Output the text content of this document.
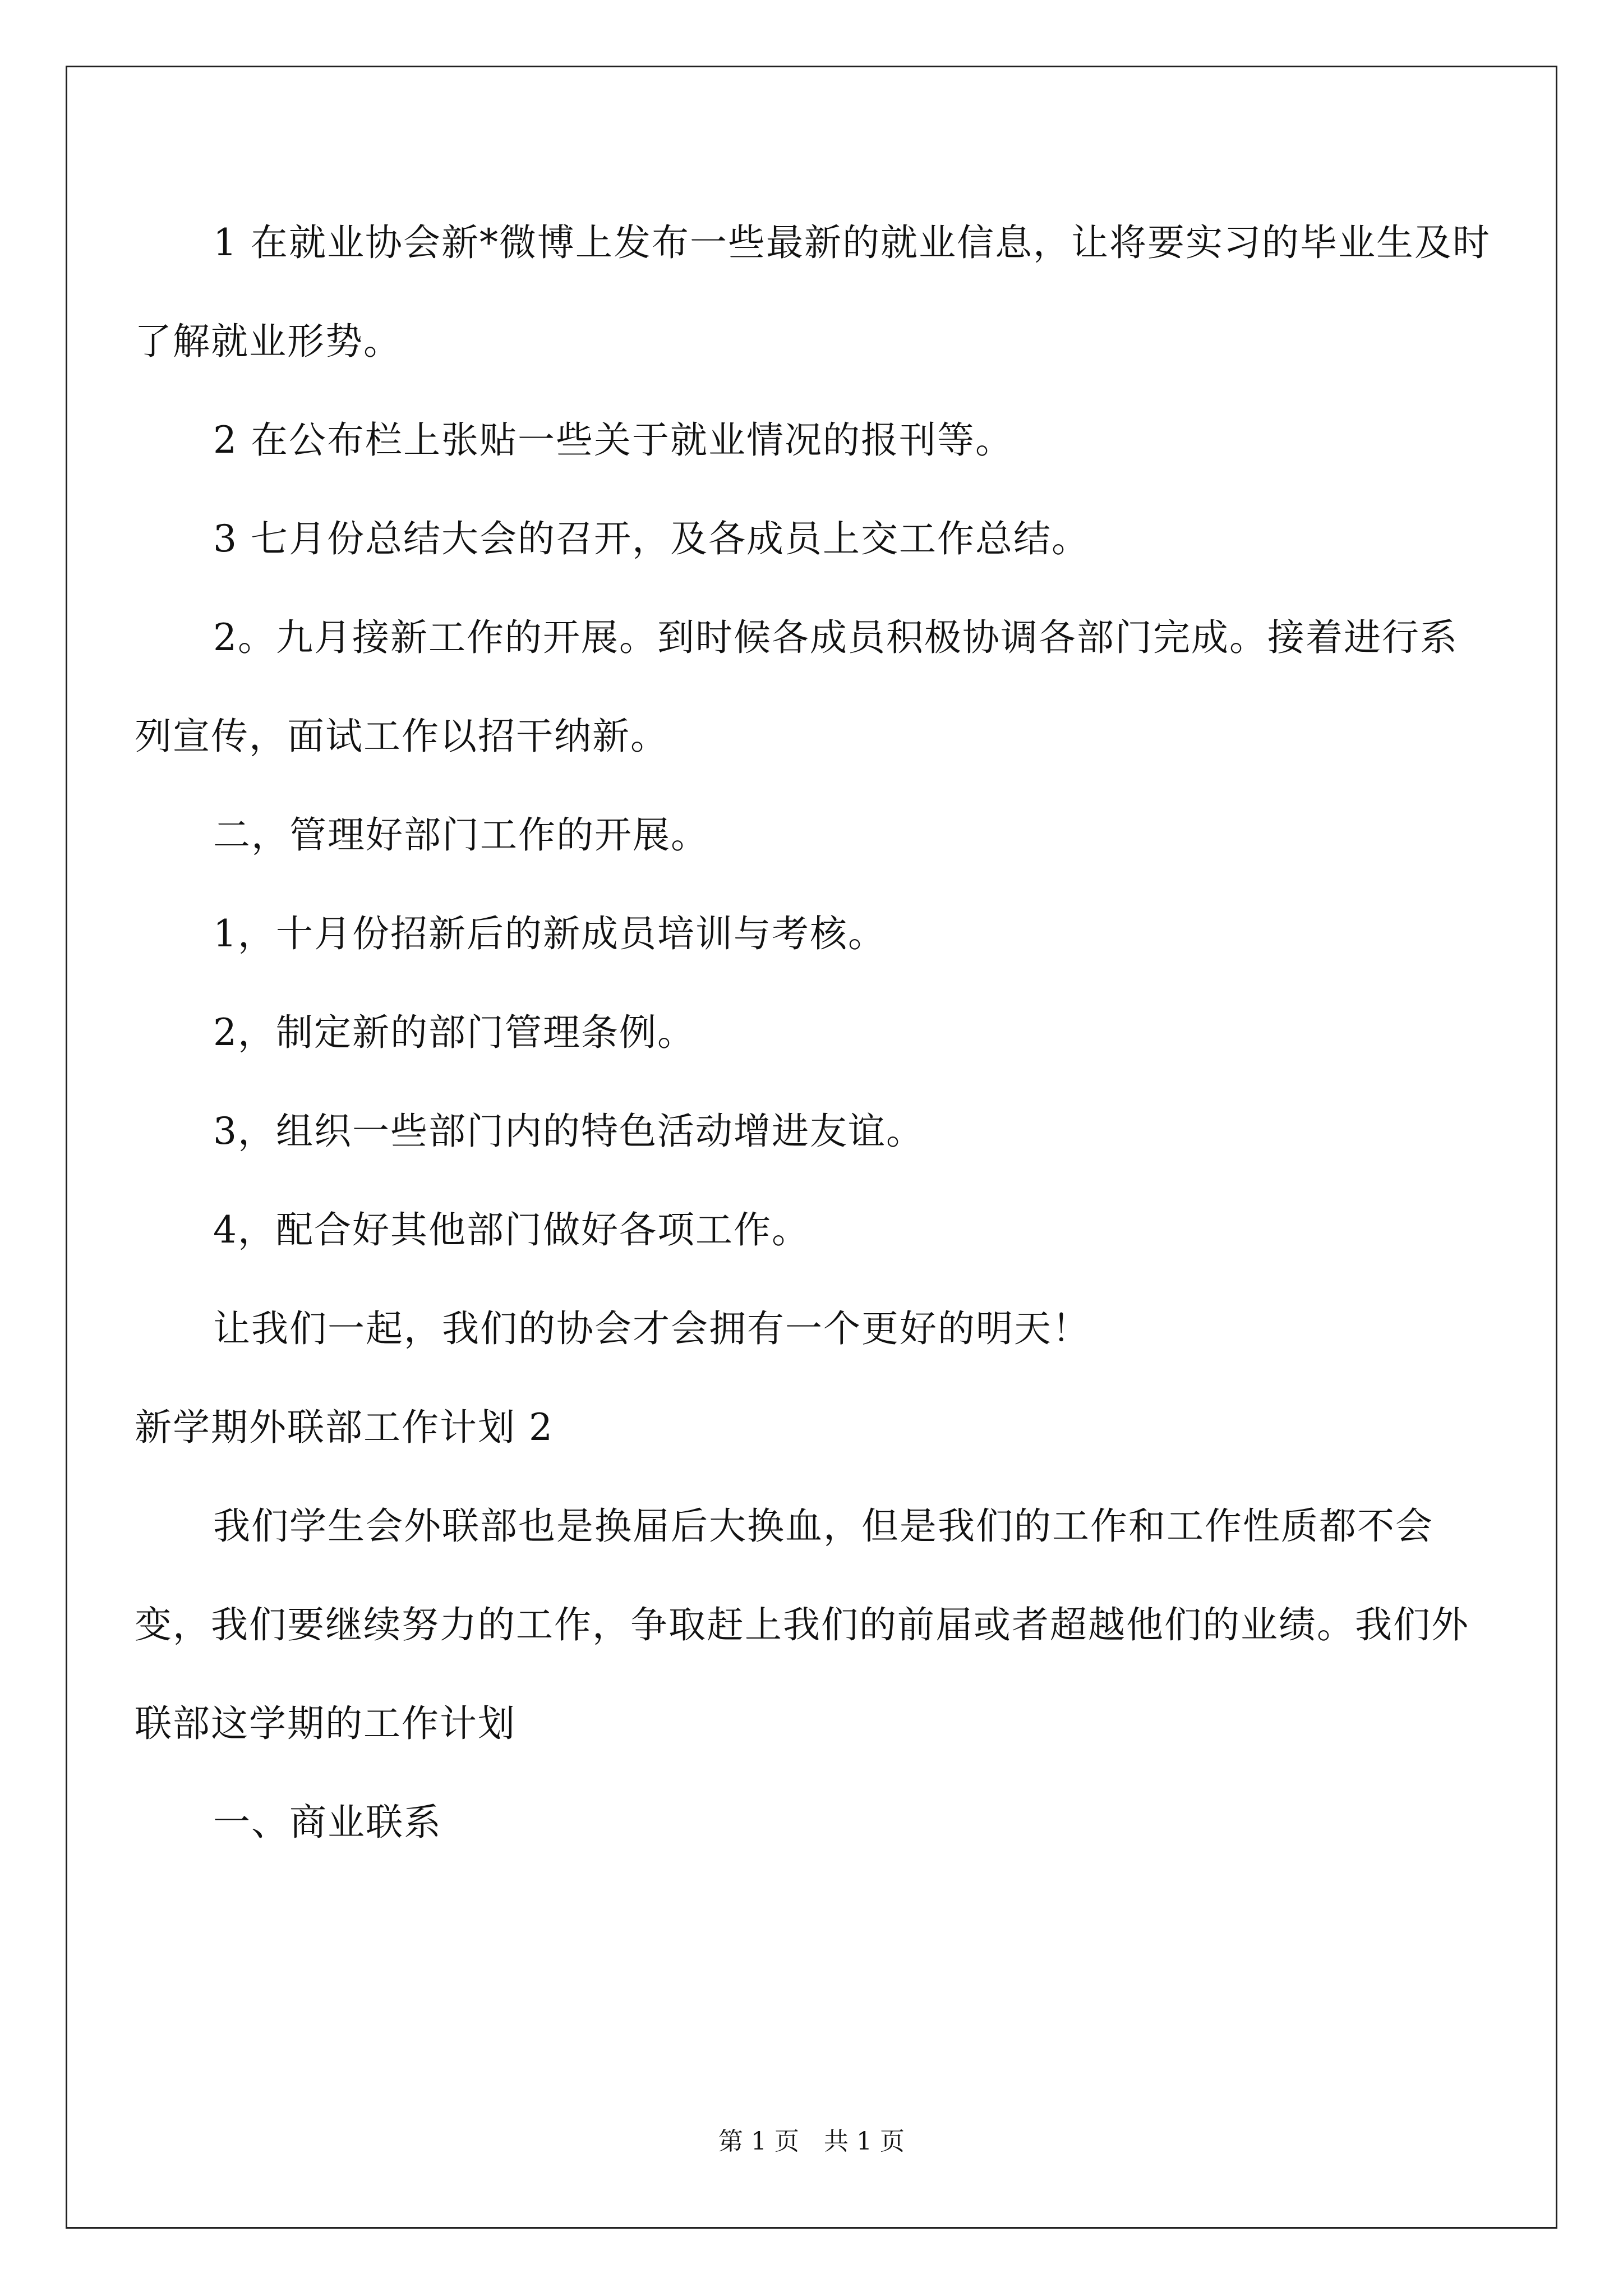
1 在就业协会新*微博上发布一些最新的就业信息，让将要实习的毕业生及时了解就业形势。

2 在公布栏上张贴一些关于就业情况的报刊等。

3 七月份总结大会的召开，及各成员上交工作总结。

2。九月接新工作的开展。到时候各成员积极协调各部门完成。接着进行系列宣传，面试工作以招干纳新。

二，管理好部门工作的开展。

1，十月份招新后的新成员培训与考核。

2，制定新的部门管理条例。

3，组织一些部门内的特色活动增进友谊。

4，配合好其他部门做好各项工作。

让我们一起，我们的协会才会拥有一个更好的明天！

新学期外联部工作计划 2

我们学生会外联部也是换届后大换血，但是我们的工作和工作性质都不会变，我们要继续努力的工作，争取赶上我们的前届或者超越他们的业绩。我们外联部这学期的工作计划

一、商业联系

第 1 页　共 1 页
